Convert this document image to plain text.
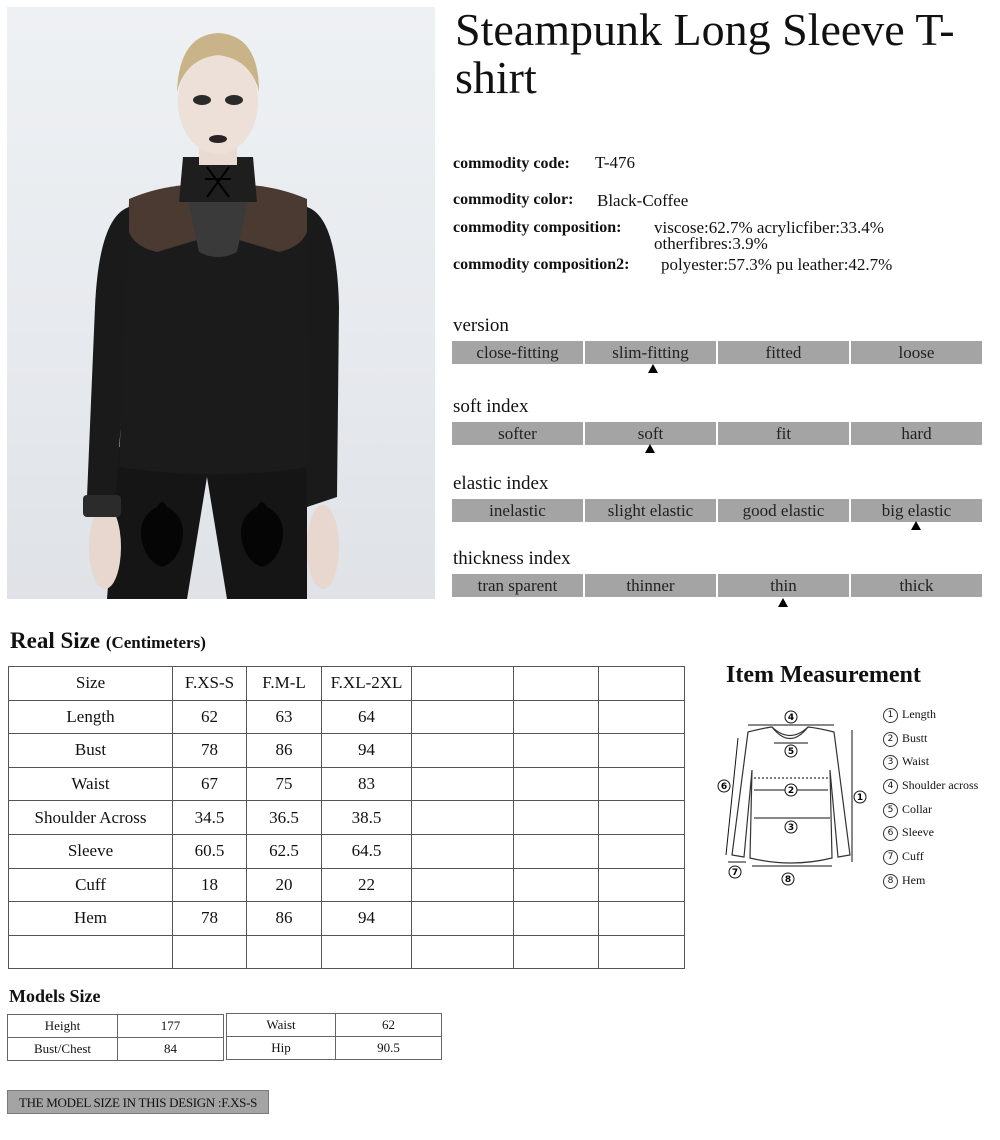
Steampunk Long Sleeve T-shirt
commodity code: T-476
commodity color: Black-Coffee
commodity composition: viscose:62.7% acrylicfiber:33.4%
otherfibres:3.9%
commodity composition2: polyester:57.3% pu leather:42.7%
version
close-fitting	slim-fitting	fitted	loose
soft index
softer	soft	fit	hard
elastic index
inelastic	slight elastic	good elastic	big elastic
thickness index
tran sparent	thinner	thin	thick
Real Size (Centimeters)
Size	F.XS-S	F.M-L	F.XL-2XL			
Length	62	63	64			
Bust	78	86	94			
Waist	67	75	83			
Shoulder Across	34.5	36.5	38.5			
Sleeve	60.5	62.5	64.5			
Cuff	18	20	22			
Hem	78	86	94			

Item Measurement
4
5
2
3
1
6
7
8
1 Length
2 Bustt
3 Waist
4 Shoulder across
5 Collar
6 Sleeve
7 Cuff
8 Hem
Models Size
Height	177
Bust/Chest	84
Waist	62
Hip	90.5
THE MODEL SIZE IN THIS DESIGN :F.XS-S
